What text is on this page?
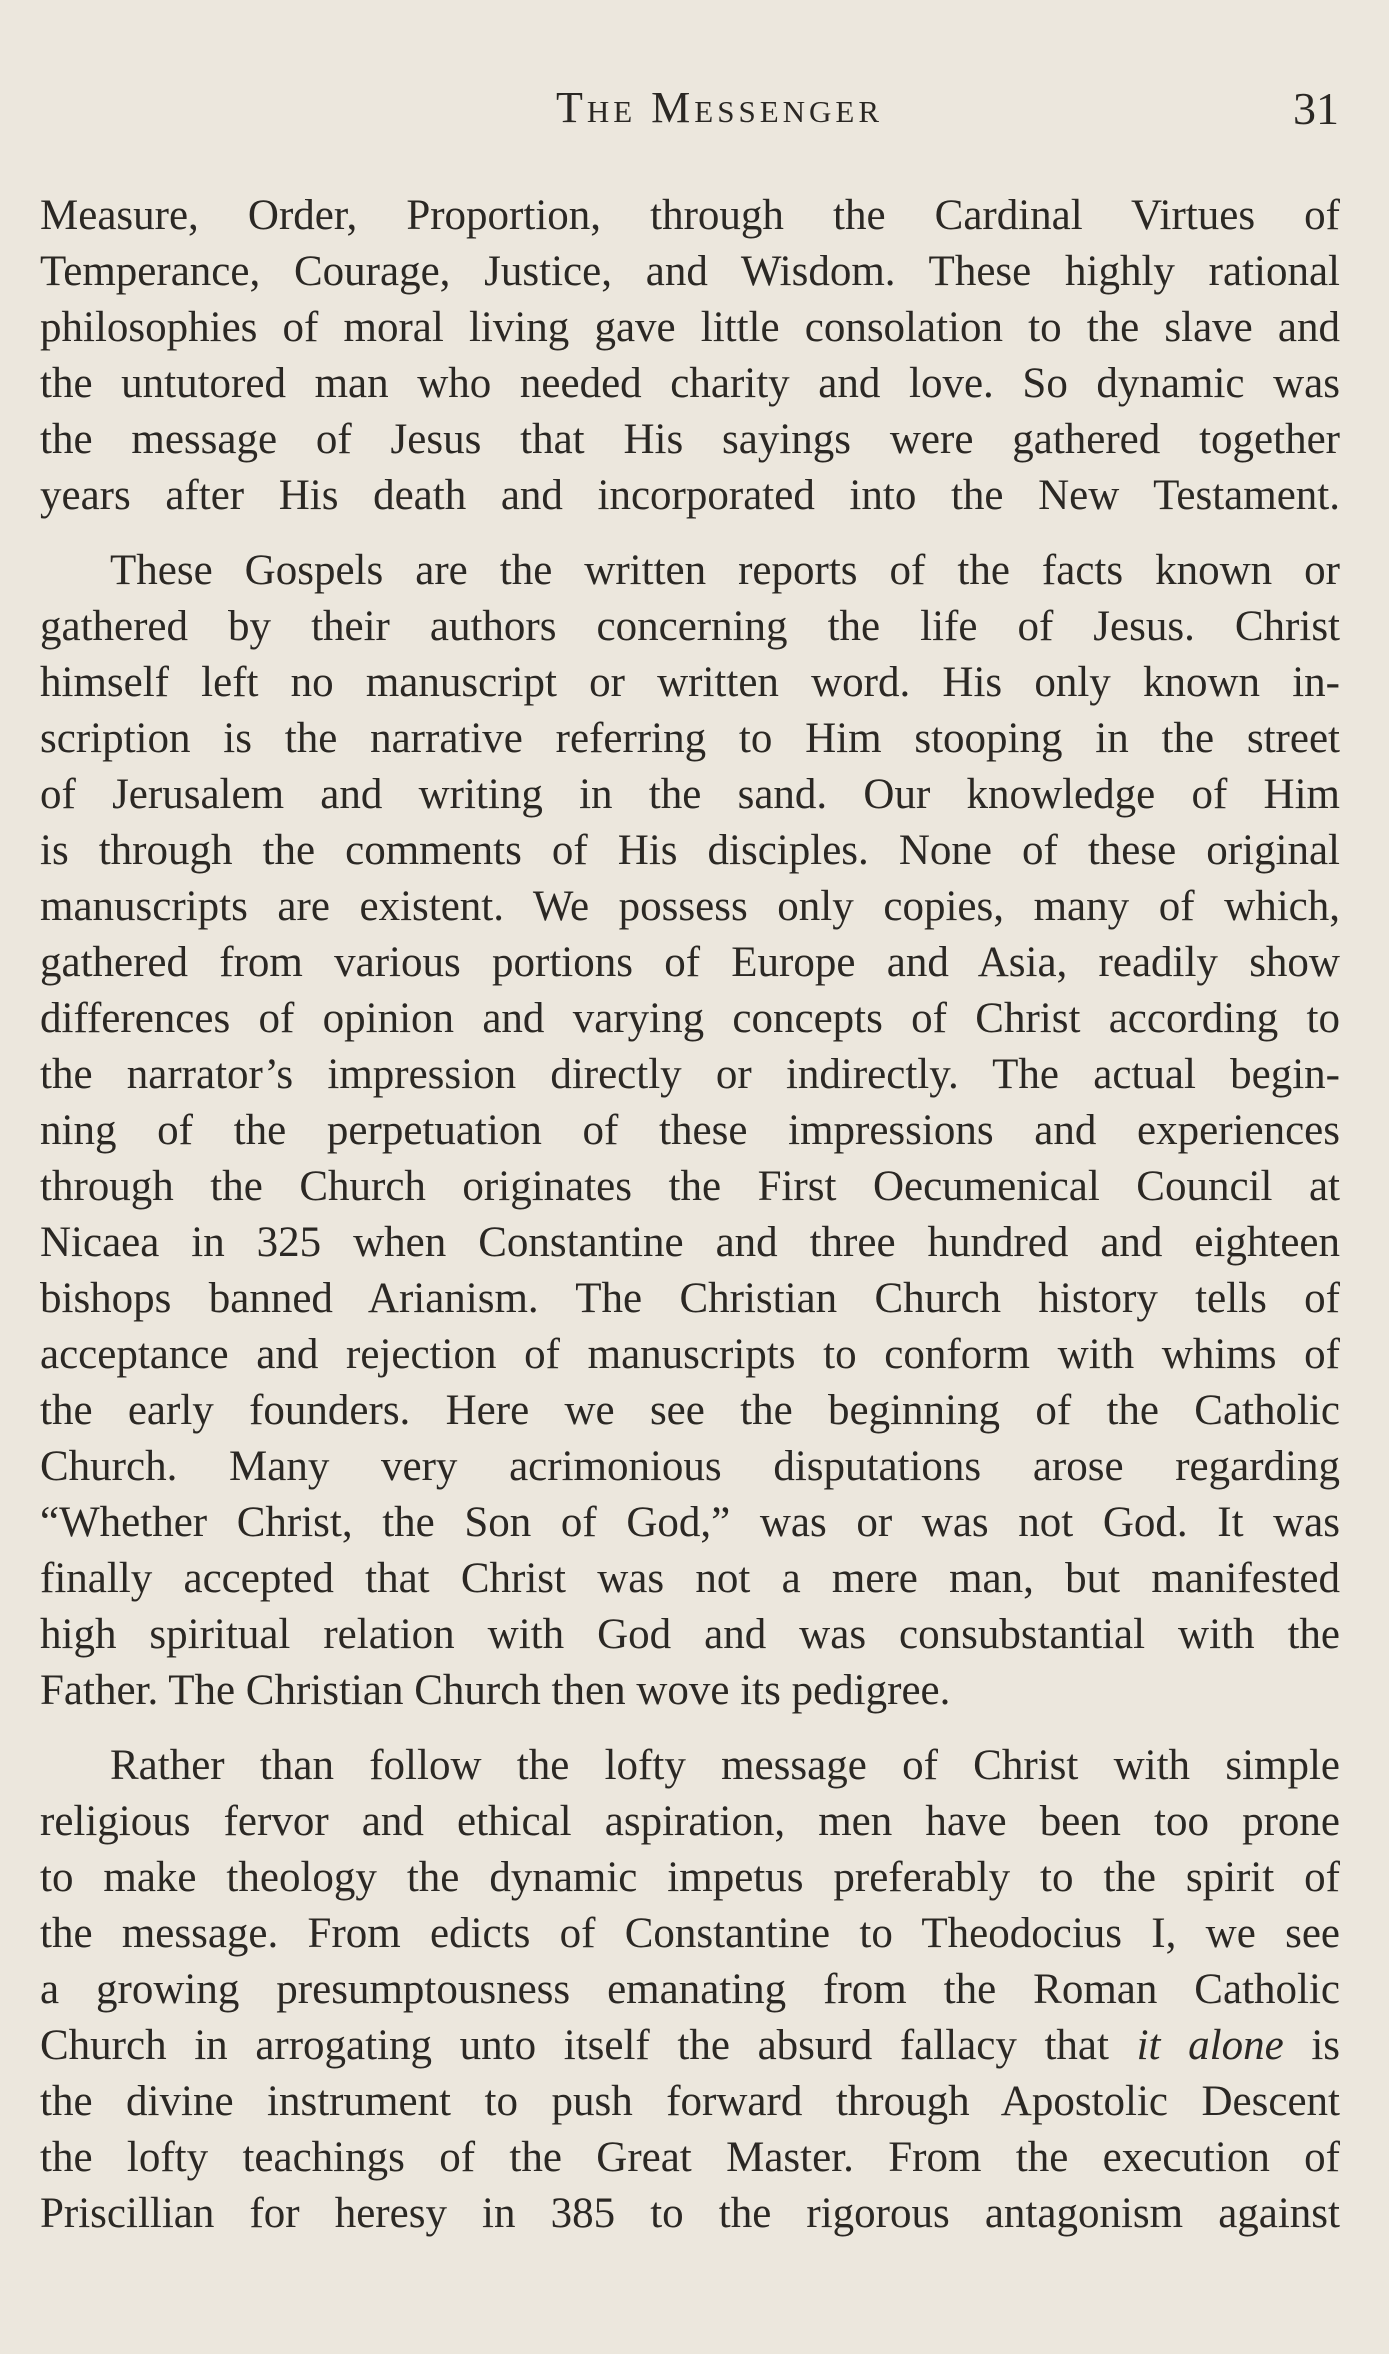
The Messenger	31

Measure, Order, Proportion, through the Cardinal Virtues of
Temperance, Courage, Justice, and Wisdom. These highly rational
philosophies of moral living gave little consolation to the slave and
the untutored man who needed charity and love. So dynamic was
the message of Jesus that His sayings were gathered together
years after His death and incorporated into the New Testament.

These Gospels are the written reports of the facts known or
gathered by their authors concerning the life of Jesus. Christ
himself left no manuscript or written word. His only known in-
scription is the narrative referring to Him stooping in the street
of Jerusalem and writing in the sand. Our knowledge of Him
is through the comments of His disciples. None of these original
manuscripts are existent. We possess only copies, many of which,
gathered from various portions of Europe and Asia, readily show
differences of opinion and varying concepts of Christ according to
the narrator’s impression directly or indirectly. The actual begin-
ning of the perpetuation of these impressions and experiences
through the Church originates the First Oecumenical Council at
Nicaea in 325 when Constantine and three hundred and eighteen
bishops banned Arianism. The Christian Church history tells of
acceptance and rejection of manuscripts to conform with whims of
the early founders. Here we see the beginning of the Catholic
Church. Many very acrimonious disputations arose regarding
“Whether Christ, the Son of God,” was or was not God. It was
finally accepted that Christ was not a mere man, but manifested
high spiritual relation with God and was consubstantial with the
Father. The Christian Church then wove its pedigree.

Rather than follow the lofty message of Christ with simple
religious fervor and ethical aspiration, men have been too prone
to make theology the dynamic impetus preferably to the spirit of
the message. From edicts of Constantine to Theodocius I, we see
a growing presumptousness emanating from the Roman Catholic
Church in arrogating unto itself the absurd fallacy that it alone is
the divine instrument to push forward through Apostolic Descent
the lofty teachings of the Great Master. From the execution of
Priscillian for heresy in 385 to the rigorous antagonism against
